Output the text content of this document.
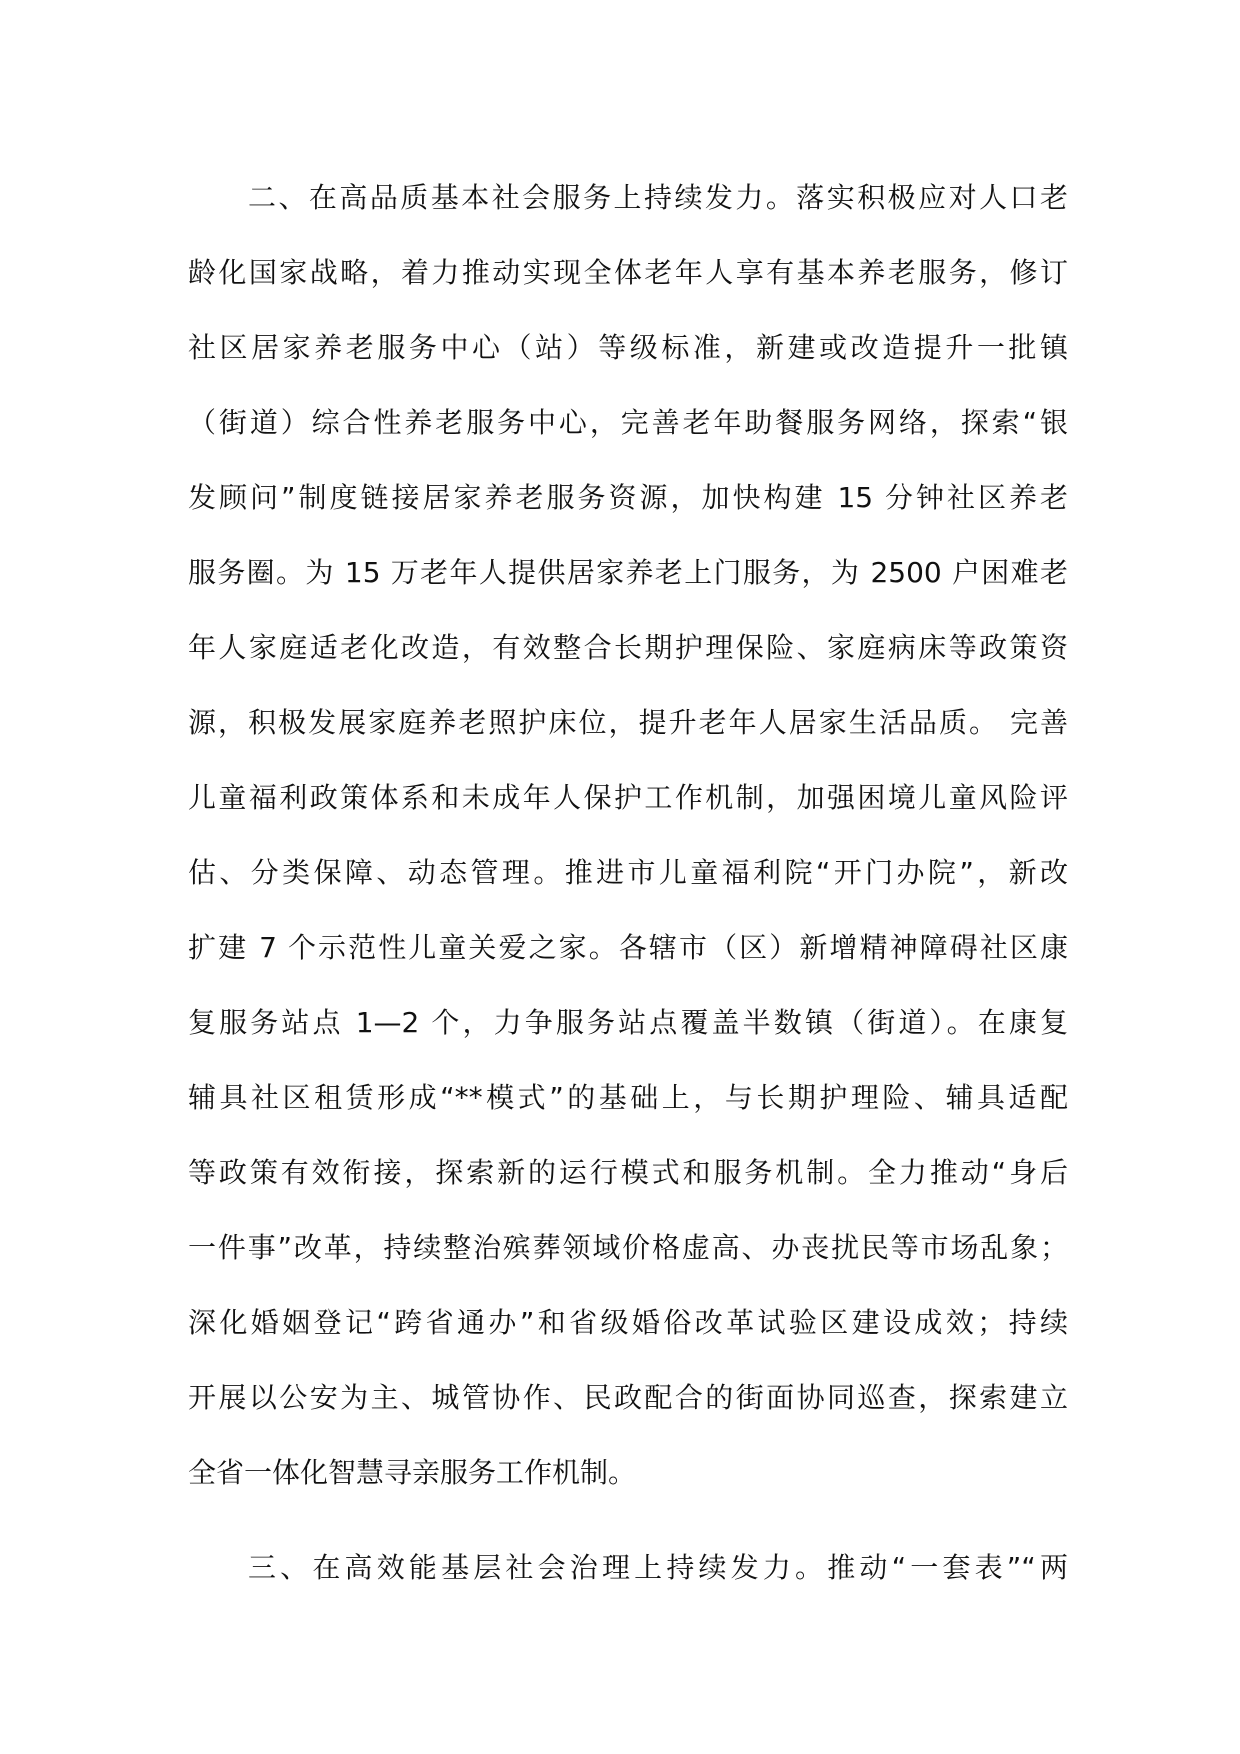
二、在高品质基本社会服务上持续发力。落实积极应对人口老
龄化国家战略，着力推动实现全体老年人享有基本养老服务，修订
社区居家养老服务中心（站）等级标准，新建或改造提升一批镇
（街道）综合性养老服务中心，完善老年助餐服务网络，探索“银
发顾问”制度链接居家养老服务资源，加快构建 15 分钟社区养老
服务圈。为 15 万老年人提供居家养老上门服务，为 2500 户困难老
年人家庭适老化改造，有效整合长期护理保险、家庭病床等政策资
源，积极发展家庭养老照护床位，提升老年人居家生活品质。 完善
儿童福利政策体系和未成年人保护工作机制，加强困境儿童风险评
估、分类保障、动态管理。推进市儿童福利院“开门办院”，新改
扩建 7 个示范性儿童关爱之家。各辖市（区）新增精神障碍社区康
复服务站点 1—2 个，力争服务站点覆盖半数镇（街道）。在康复
辅具社区租赁形成“**模式”的基础上，与长期护理险、辅具适配
等政策有效衔接，探索新的运行模式和服务机制。全力推动“身后
一件事”改革，持续整治殡葬领域价格虚高、办丧扰民等市场乱象；
深化婚姻登记“跨省通办”和省级婚俗改革试验区建设成效；持续
开展以公安为主、城管协作、民政配合的街面协同巡查，探索建立
全省一体化智慧寻亲服务工作机制。
三、在高效能基层社会治理上持续发力。推动“一套表”“两
